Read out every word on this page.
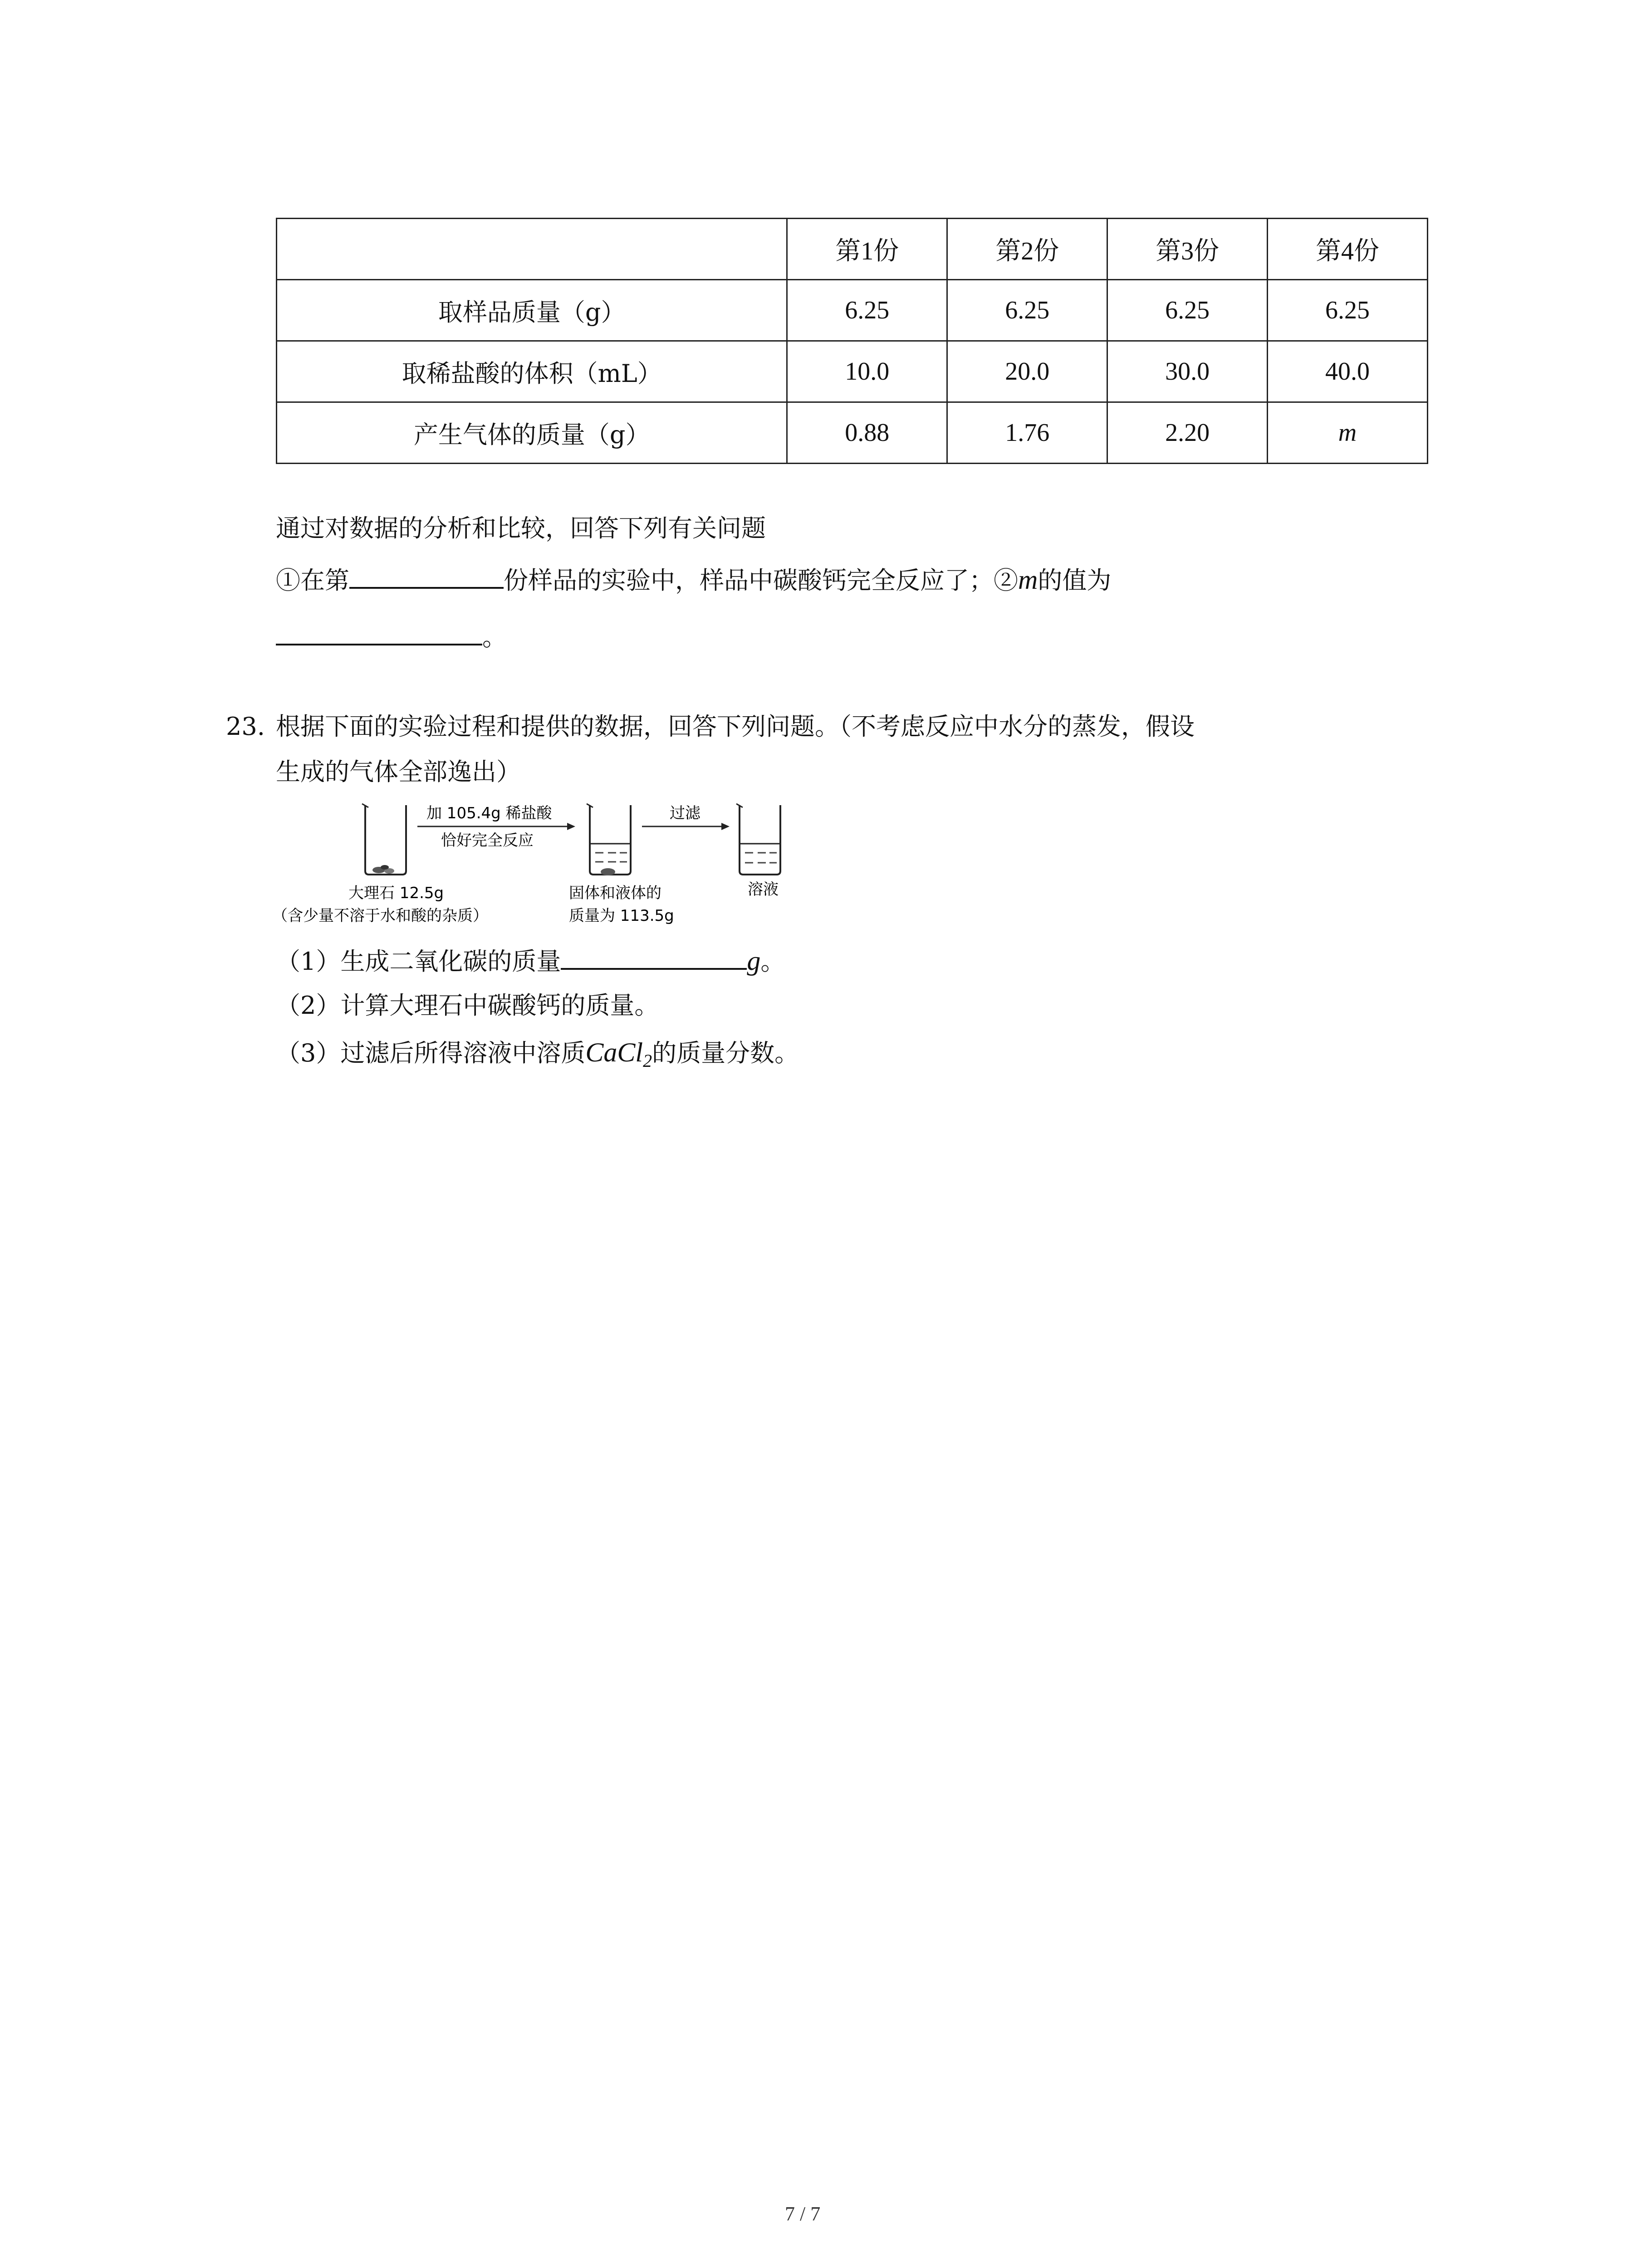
	第1份	第2份	第3份	第4份
取样品质量（g）	6.25	6.25	6.25	6.25
取稀盐酸的体积（mL）	10.0	20.0	30.0	40.0
产生气体的质量（g）	0.88	1.76	2.20	m
通过对数据的分析和比较，回答下列有关问题
①在第	份样品的实验中，样品中碳酸钙完全反应了；②m的值为
。
23. 根据下面的实验过程和提供的数据，回答下列问题。（不考虑反应中水分的蒸发，假设
生成的气体全部逸出）
加 105.4g 稀盐酸
恰好完全反应
过滤
大理石 12.5g
（含少量不溶于水和酸的杂质）
固体和液体的
质量为 113.5g
溶液
（1）生成二氧化碳的质量	g。
（2）计算大理石中碳酸钙的质量。
（3）过滤后所得溶液中溶质CaCl$_2$的质量分数。
7 / 7
